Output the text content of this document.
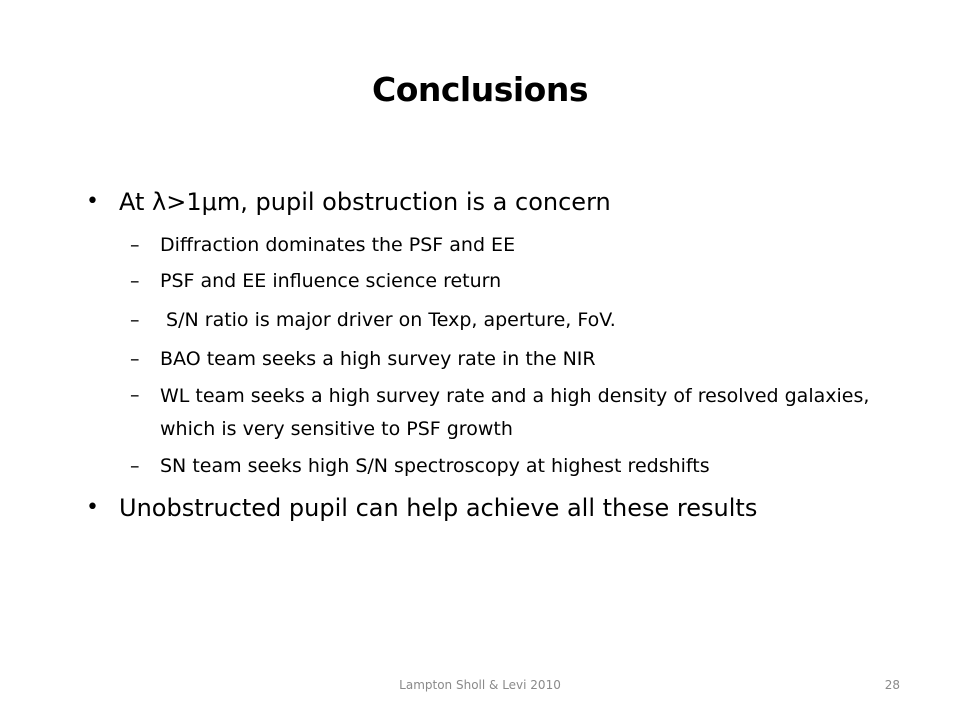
Conclusions
• At λ>1μm, pupil obstruction is a concern
–	Diffraction dominates the PSF and EE
–	PSF and EE influence science return
–	S/N ratio is major driver on Texp, aperture, FoV.
–	BAO team seeks a high survey rate in the NIR
–	WL team seeks a high survey rate and a high density of resolved galaxies, which is very sensitive to PSF growth
–	SN team seeks high S/N spectroscopy at highest redshifts
• Unobstructed pupil can help achieve all these results
Lampton Sholl & Levi 2010	28
